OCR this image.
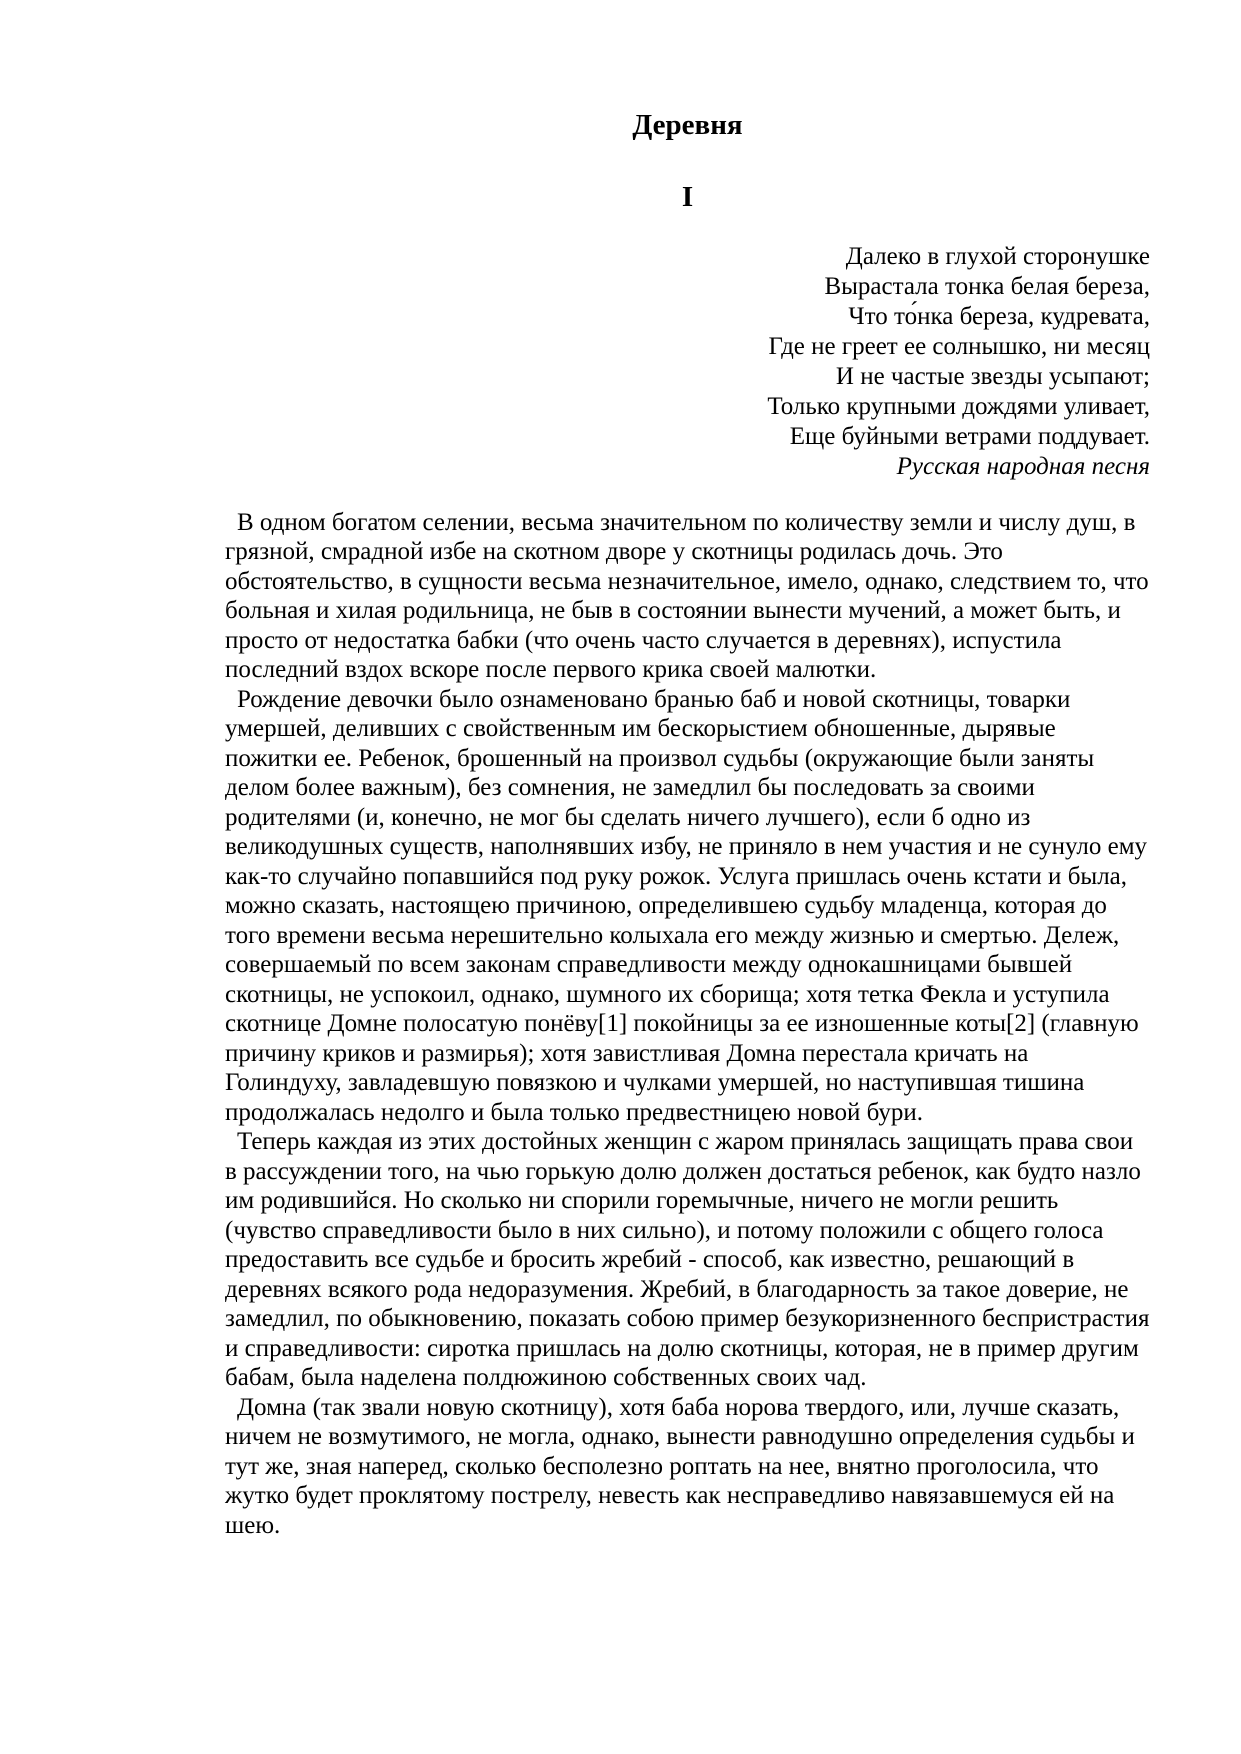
Деревня
I
Далеко в глухой сторонушке
Вырастала тонка белая береза,
Что то́нка береза, кудревата,
Где не греет ее солнышко, ни месяц
И не частые звезды усыпают;
Только крупными дождями уливает,
Еще буйными ветрами поддувает.
Русская народная песня

В одном богатом селении, весьма значительном по количеству земли и числу душ, в грязной, смрадной избе на скотном дворе у скотницы родилась дочь. Это обстоятельство, в сущности весьма незначительное, имело, однако, следствием то, что больная и хилая родильница, не быв в состоянии вынести мучений, а может быть, и просто от недостатка бабки (что очень часто случается в деревнях), испустила последний вздох вскоре после первого крика своей малютки.

Рождение девочки было ознаменовано бранью баб и новой скотницы, товарки умершей, деливших с свойственным им бескорыстием обношенные, дырявые пожитки ее. Ребенок, брошенный на произвол судьбы (окружающие были заняты делом более важным), без сомнения, не замедлил бы последовать за своими родителями (и, конечно, не мог бы сделать ничего лучшего), если б одно из великодушных существ, наполнявших избу, не приняло в нем участия и не сунуло ему как-то случайно попавшийся под руку рожок. Услуга пришлась очень кстати и была, можно сказать, настоящею причиною, определившею судьбу младенца, которая до того времени весьма нерешительно колыхала его между жизнью и смертью. Дележ, совершаемый по всем законам справедливости между однокашницами бывшей скотницы, не успокоил, однако, шумного их сборища; хотя тетка Фекла и уступила скотнице Домне полосатую понёву[1] покойницы за ее изношенные коты[2] (главную причину криков и размирья); хотя завистливая Домна перестала кричать на Голиндуху, завладевшую повязкою и чулками умершей, но наступившая тишина продолжалась недолго и была только предвестницею новой бури.

Теперь каждая из этих достойных женщин с жаром принялась защищать права свои в рассуждении того, на чью горькую долю должен достаться ребенок, как будто назло им родившийся. Но сколько ни спорили горемычные, ничего не могли решить (чувство справедливости было в них сильно), и потому положили с общего голоса предоставить все судьбе и бросить жребий - способ, как известно, решающий в деревнях всякого рода недоразумения. Жребий, в благодарность за такое доверие, не замедлил, по обыкновению, показать собою пример безукоризненного беспристрастия и справедливости: сиротка пришлась на долю скотницы, которая, не в пример другим бабам, была наделена полдюжиною собственных своих чад.

Домна (так звали новую скотницу), хотя баба норова твердого, или, лучше сказать, ничем не возмутимого, не могла, однако, вынести равнодушно определения судьбы и тут же, зная наперед, сколько бесполезно роптать на нее, внятно проголосила, что жутко будет проклятому пострелу, невесть как несправедливо навязавшемуся ей на шею.
